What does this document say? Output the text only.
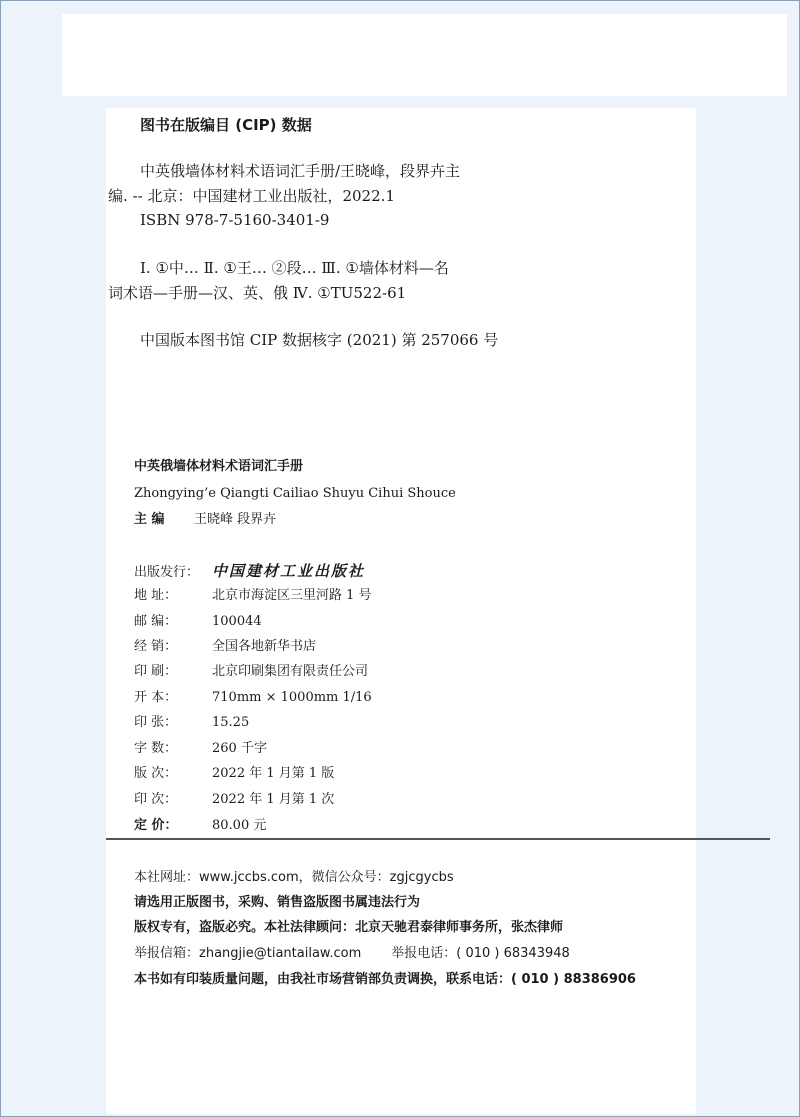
图书在版编目 (CIP) 数据
中英俄墙体材料术语词汇手册/王晓峰，段界卉主
编. -- 北京：中国建材工业出版社，2022.1
ISBN 978-7-5160-3401-9
Ⅰ. ①中… Ⅱ. ①王… ②段… Ⅲ. ①墙体材料—名
词术语—手册—汉、英、俄 Ⅳ. ①TU522-61
中国版本图书馆 CIP 数据核字 (2021) 第 257066 号
中英俄墙体材料术语词汇手册
Zhongying’e Qiangti Cailiao Shuyu Cihui Shouce
主 编 王晓峰 段界卉
出版发行： 中国建材工业出版社
地 址：	北京市海淀区三里河路 1 号
邮 编：	100044
经 销：	全国各地新华书店
印 刷：	北京印刷集团有限责任公司
开 本：	710mm × 1000mm 1/16
印 张：	15.25
字 数：	260 千字
版 次：	2022 年 1 月第 1 版
印 次：	2022 年 1 月第 1 次
定 价：	80.00 元
本社网址：www.jccbs.com，微信公众号：zgjcgycbs
请选用正版图书，采购、销售盗版图书属违法行为
版权专有，盗版必究。本社法律顾问：北京天驰君泰律师事务所，张杰律师
举报信箱：zhangjie@tiantailaw.com 举报电话：( 010 ) 68343948
本书如有印装质量问题，由我社市场营销部负责调换，联系电话：( 010 ) 88386906
